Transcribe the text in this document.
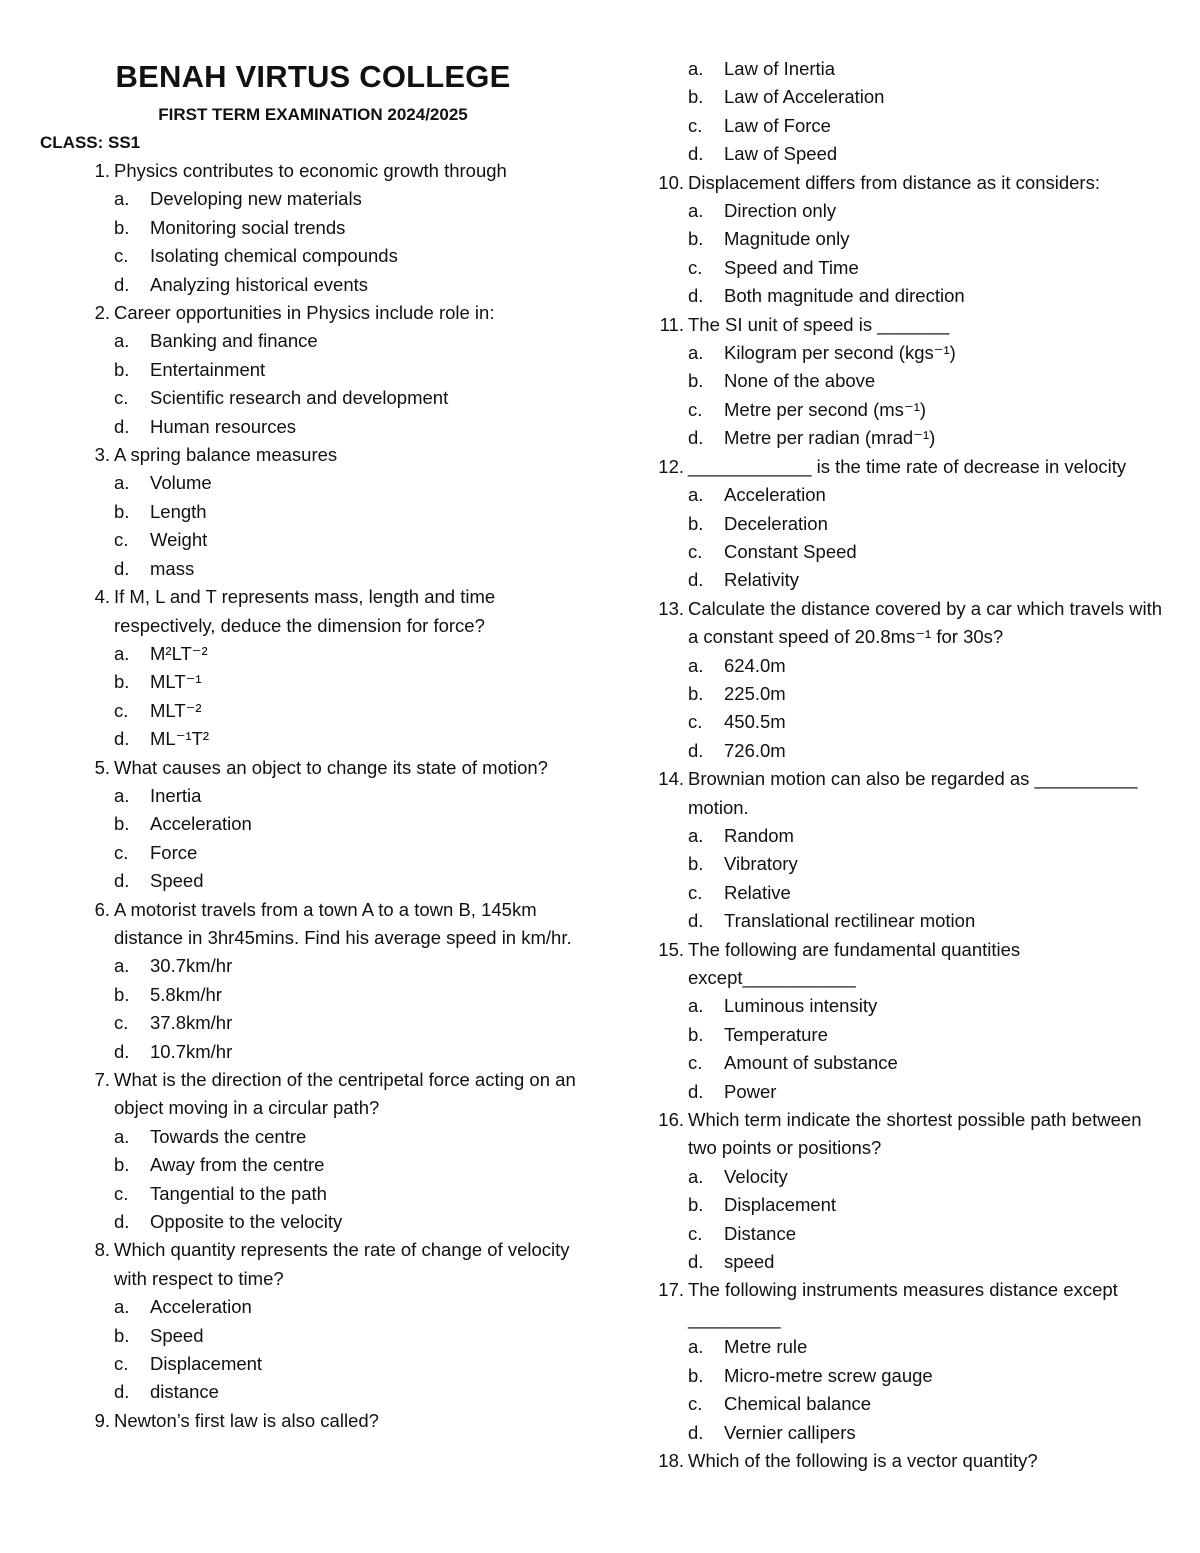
BENAH VIRTUS COLLEGE
FIRST TERM EXAMINATION 2024/2025
CLASS: SS1
1. Physics contributes to economic growth through
a. Developing new materials
b. Monitoring social trends
c. Isolating chemical compounds
d. Analyzing historical events
2. Career opportunities in Physics include role in:
a. Banking and finance
b. Entertainment
c. Scientific research and development
d. Human resources
3. A spring balance measures
a. Volume
b. Length
c. Weight
d. mass
4. If M, L and T represents mass, length and time respectively, deduce the dimension for force?
a. M²LT⁻²
b. MLT⁻¹
c. MLT⁻²
d. ML⁻¹T²
5. What causes an object to change its state of motion?
a. Inertia
b. Acceleration
c. Force
d. Speed
6. A motorist travels from a town A to a town B, 145km distance in 3hr45mins. Find his average speed in km/hr.
a. 30.7km/hr
b. 5.8km/hr
c. 37.8km/hr
d. 10.7km/hr
7. What is the direction of the centripetal force acting on an object moving in a circular path?
a. Towards the centre
b. Away from the centre
c. Tangential to the path
d. Opposite to the velocity
8. Which quantity represents the rate of change of velocity with respect to time?
a. Acceleration
b. Speed
c. Displacement
d. distance
9. Newton’s first law is also called?
a. Law of Inertia
b. Law of Acceleration
c. Law of Force
d. Law of Speed
10. Displacement differs from distance as it considers:
a. Direction only
b. Magnitude only
c. Speed and Time
d. Both magnitude and direction
11. The SI unit of speed is _______
a. Kilogram per second (kgs⁻¹)
b. None of the above
c. Metre per second (ms⁻¹)
d. Metre per radian (mrad⁻¹)
12. ____________ is the time rate of decrease in velocity
a. Acceleration
b. Deceleration
c. Constant Speed
d. Relativity
13. Calculate the distance covered by a car which travels with a constant speed of 20.8ms⁻¹ for 30s?
a. 624.0m
b. 225.0m
c. 450.5m
d. 726.0m
14. Brownian motion can also be regarded as __________ motion.
a. Random
b. Vibratory
c. Relative
d. Translational rectilinear motion
15. The following are fundamental quantities except___________
a. Luminous intensity
b. Temperature
c. Amount of substance
d. Power
16. Which term indicate the shortest possible path between two points or positions?
a. Velocity
b. Displacement
c. Distance
d. speed
17. The following instruments measures distance except _________
a. Metre rule
b. Micro-metre screw gauge
c. Chemical balance
d. Vernier callipers
18. Which of the following is a vector quantity?
